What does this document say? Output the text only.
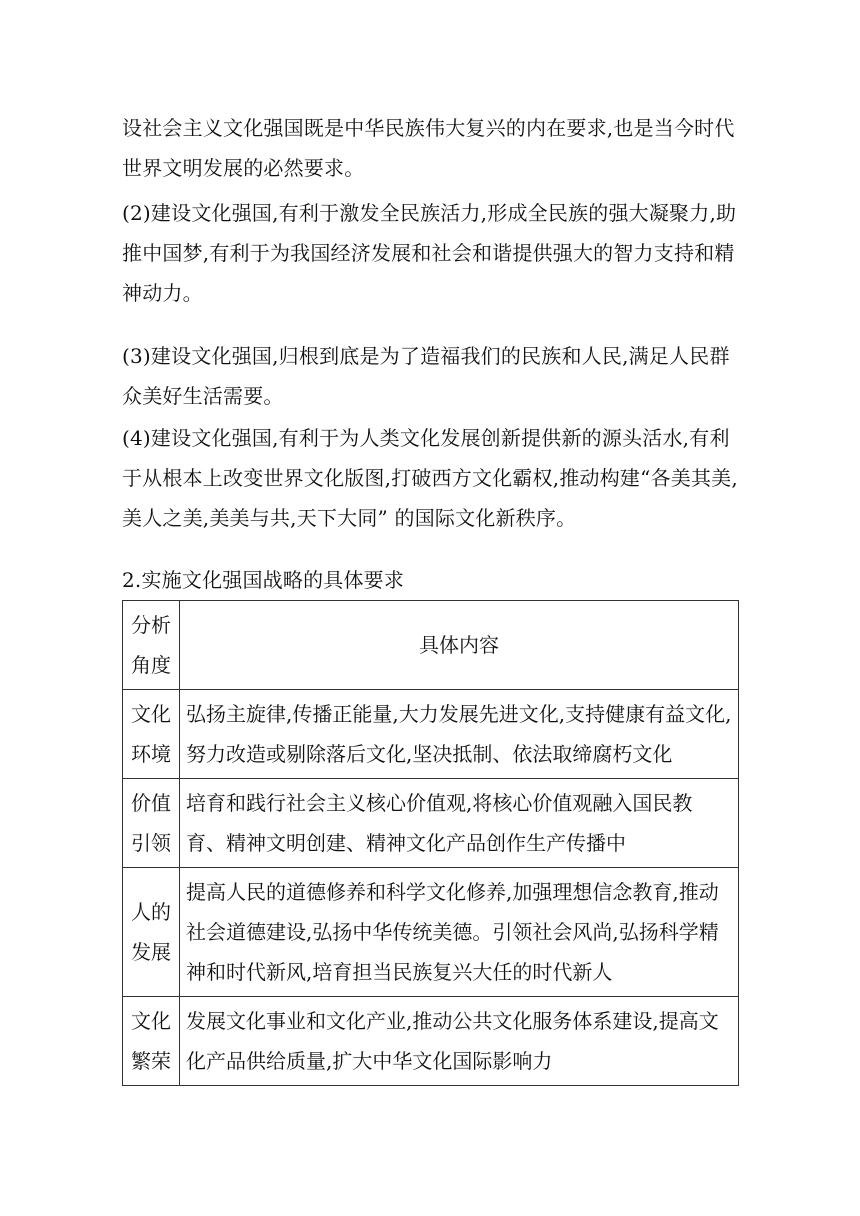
设社会主义文化强国既是中华民族伟大复兴的内在要求,也是当今时代世界文明发展的必然要求。

(2)建设文化强国,有利于激发全民族活力,形成全民族的强大凝聚力,助推中国梦,有利于为我国经济发展和社会和谐提供强大的智力支持和精神动力。

(3)建设文化强国,归根到底是为了造福我们的民族和人民,满足人民群众美好生活需要。

(4)建设文化强国,有利于为人类文化发展创新提供新的源头活水,有利于从根本上改变世界文化版图,打破西方文化霸权,推动构建“各美其美,美人之美,美美与共,天下大同” 的国际文化新秩序。

2.实施文化强国战略的具体要求

分析
角度	具体内容

文化
环境	弘扬主旋律,传播正能量,大力发展先进文化,支持健康有益文化,努力改造或剔除落后文化,坚决抵制、依法取缔腐朽文化

价值
引领	培育和践行社会主义核心价值观,将核心价值观融入国民教育、精神文明创建、精神文化产品创作生产传播中

人的
发展	提高人民的道德修养和科学文化修养,加强理想信念教育,推动社会道德建设,弘扬中华传统美德。引领社会风尚,弘扬科学精神和时代新风,培育担当民族复兴大任的时代新人

文化
繁荣	发展文化事业和文化产业,推动公共文化服务体系建设,提高文化产品供给质量,扩大中华文化国际影响力
